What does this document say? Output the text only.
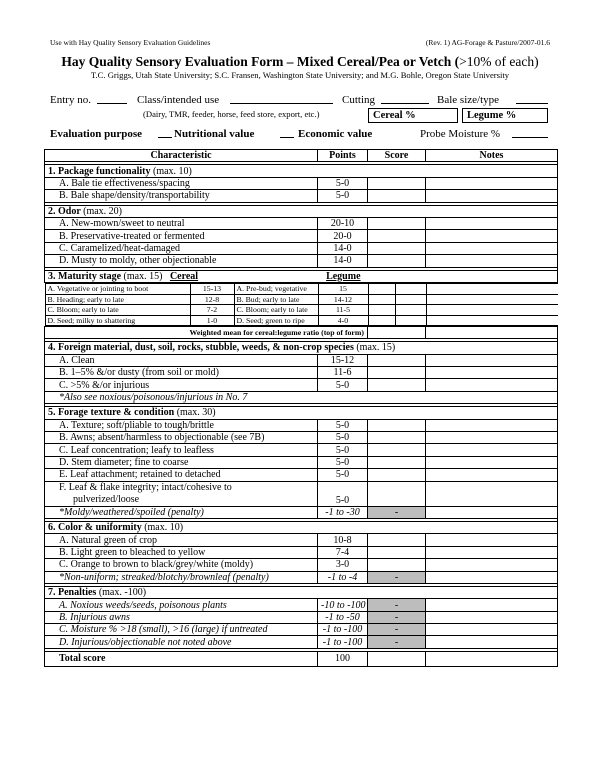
Use with Hay Quality Sensory Evaluation Guidelines	(Rev. 1) AG-Forage & Pasture/2007-01.6
Hay Quality Sensory Evaluation Form – Mixed Cereal/Pea or Vetch (>10% of each)
T.C. Griggs, Utah State University; S.C. Fransen, Washington State University; and M.G. Bohle, Oregon State University
Entry no.	Class/intended use	Cutting	Bale size/type
(Dairy, TMR, feeder, horse, feed store, export, etc.)	Cereal %	Legume %
Evaluation purpose	Nutritional value	Economic value	Probe Moisture %
Characteristic	Points	Score	Notes

1. Package functionality (max. 10)
A. Bale tie effectiveness/spacing	5-0		
B. Bale shape/density/transportability	5-0		

2. Odor (max. 20)
A. New-mown/sweet to neutral	20-10		
B. Preservative-treated or fermented	20-0		
C. Caramelized/heat-damaged	14-0		
D. Musty to moldy, other objectionable	14-0		

3. Maturity stage (max. 15) Cereal	Legume

A. Vegetative or jointing to boot	15-13	A. Pre-bud; vegetative	15			
B. Heading; early to late	12-8	B. Bud; early to late	14-12			
C. Bloom; early to late	7-2	C. Bloom; early to late	11-5			
D. Seed; milky to shattering	1-0	D. Seed; green to ripe	4-0			

Weighted mean for cereal:legume ratio (top of form)		

4. Foreign material, dust, soil, rocks, stubble, weeds, & non-crop species (max. 15)
A. Clean	15-12		
B. 1–5% &/or dusty (from soil or mold)	11-6		
C. >5% &/or injurious	5-0		
*Also see noxious/poisonous/injurious in No. 7

5. Forage texture & condition (max. 30)
A. Texture; soft/pliable to tough/brittle	5-0		
B. Awns; absent/harmless to objectionable (see 7B)	5-0		
C. Leaf concentration; leafy to leafless	5-0		
D. Stem diameter; fine to coarse	5-0		
E. Leaf attachment; retained to detached	5-0		
F. Leaf & flake integrity; intact/cohesive to
pulverized/loose	5-0		
*Moldy/weathered/spoiled (penalty)	-1 to -30	-	

6. Color & uniformity (max. 10)
A. Natural green of crop	10-8		
B. Light green to bleached to yellow	7-4		
C. Orange to brown to black/grey/white (moldy)	3-0		
*Non-uniform; streaked/blotchy/brownleaf (penalty)	-1 to -4	-	

7. Penalties (max. -100)
A. Noxious weeds/seeds, poisonous plants	-10 to -100	-	
B. Injurious awns	-1 to -50	-	
C. Moisture % >18 (small), >16 (large) if untreated	-1 to -100	-	
D. Injurious/objectionable not noted above	-1 to -100	-	

Total score	100		
